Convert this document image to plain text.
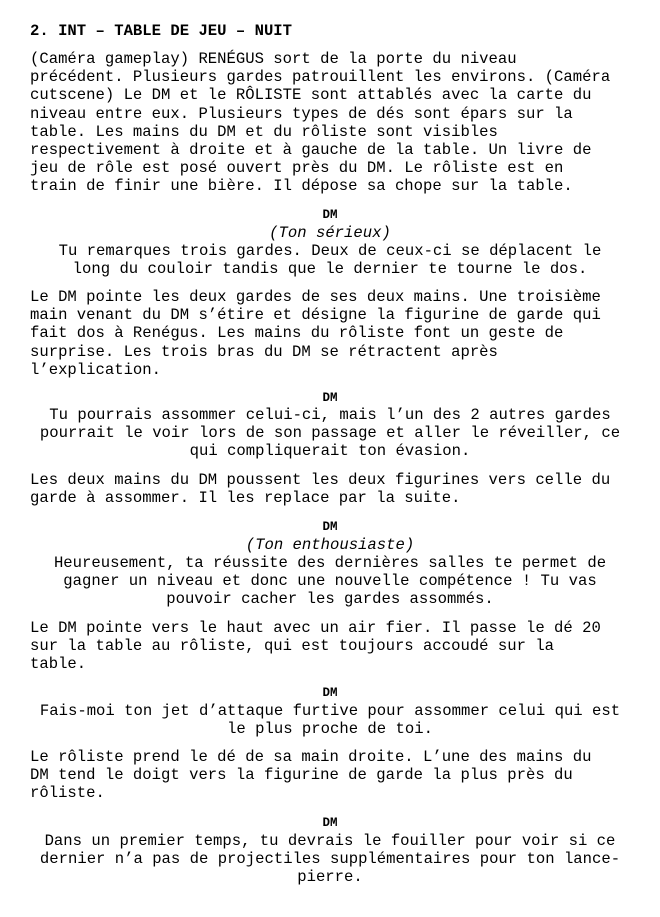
2. INT – TABLE DE JEU – NUIT
(Caméra gameplay) RENÉGUS sort de la porte du niveau
précédent. Plusieurs gardes patrouillent les environs. (Caméra
cutscene) Le DM et le RÔLISTE sont attablés avec la carte du
niveau entre eux. Plusieurs types de dés sont épars sur la
table. Les mains du DM et du rôliste sont visibles
respectivement à droite et à gauche de la table. Un livre de
jeu de rôle est posé ouvert près du DM. Le rôliste est en
train de finir une bière. Il dépose sa chope sur la table.
DM
(Ton sérieux)
Tu remarques trois gardes. Deux de ceux-ci se déplacent le
long du couloir tandis que le dernier te tourne le dos.
Le DM pointe les deux gardes de ses deux mains. Une troisième
main venant du DM s’étire et désigne la figurine de garde qui
fait dos à Renégus. Les mains du rôliste font un geste de
surprise. Les trois bras du DM se rétractent après
l’explication.
DM
Tu pourrais assommer celui-ci, mais l’un des 2 autres gardes
pourrait le voir lors de son passage et aller le réveiller, ce
qui compliquerait ton évasion.
Les deux mains du DM poussent les deux figurines vers celle du
garde à assommer. Il les replace par la suite.
DM
(Ton enthousiaste)
Heureusement, ta réussite des dernières salles te permet de
gagner un niveau et donc une nouvelle compétence ! Tu vas
pouvoir cacher les gardes assommés.
Le DM pointe vers le haut avec un air fier. Il passe le dé 20
sur la table au rôliste, qui est toujours accoudé sur la
table.
DM
Fais-moi ton jet d’attaque furtive pour assommer celui qui est
le plus proche de toi.
Le rôliste prend le dé de sa main droite. L’une des mains du
DM tend le doigt vers la figurine de garde la plus près du
rôliste.
DM
Dans un premier temps, tu devrais le fouiller pour voir si ce
dernier n’a pas de projectiles supplémentaires pour ton lance-
pierre.
